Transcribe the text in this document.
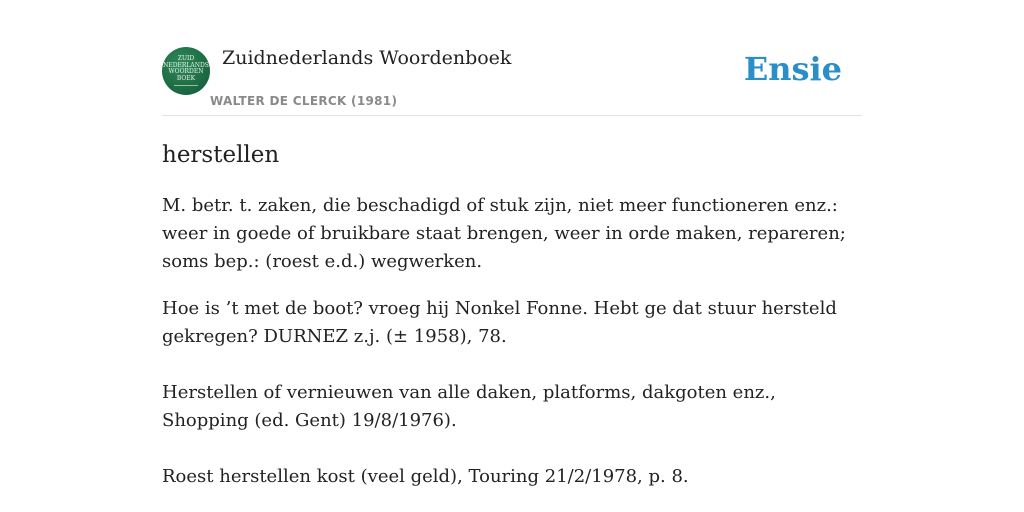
ZUID
NEDERLANDS
WOORDEN
BOEK
Zuidnederlands Woordenboek
WALTER DE CLERCK (1981)
Ensie
herstellen

M. betr. t. zaken, die beschadigd of stuk zijn, niet meer functioneren enz.: weer in goede of bruikbare staat brengen, weer in orde maken, repareren; soms bep.: (roest e.d.) wegwerken.

Hoe is ’t met de boot? vroeg hij Nonkel Fonne. Hebt ge dat stuur hersteld gekregen? DURNEZ z.j. (± 1958), 78.

Herstellen of vernieuwen van alle daken, platforms, dakgoten enz., Shopping (ed. Gent) 19/8/1976).

Roest herstellen kost (veel geld), Touring 21/2/1978, p. 8.
